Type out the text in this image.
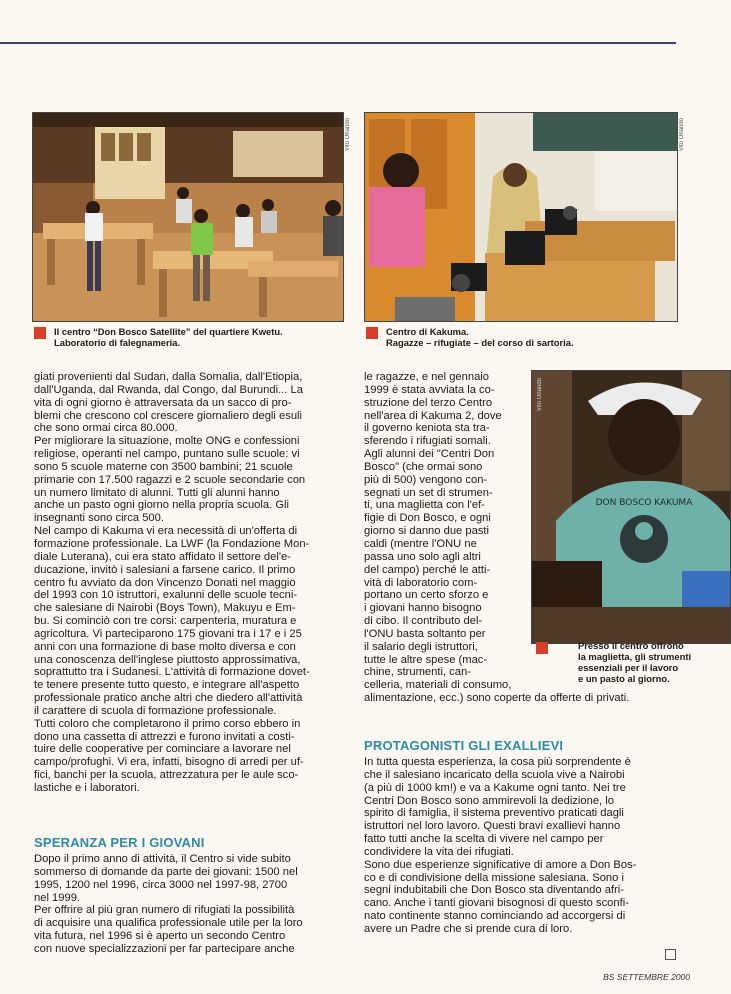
Vito Orlando
Il centro “Don Bosco Satellite” del quartiere Kwetu.
Laboratorio di falegnameria.
Vito Orlando
Centro di Kakuma.
Ragazze – rifugiate – del corso di sartoria.
DON BOSCO KAKUMA
Vito Orlando
Presso il centro offrono
la maglietta, gli strumenti
essenziali per il lavoro
e un pasto al giorno.
giati provenienti dal Sudan, dalla Somalia, dall'Etiopia,
dall'Uganda, dal Rwanda, dal Congo, dal Burundi... La
vita di ogni giorno è attraversata da un sacco di pro-
blemi che crescono col crescere giornaliero degli esuli
che sono ormai circa 80.000.
Per migliorare la situazione, molte ONG e confessioni
religiose, operanti nel campo, puntano sulle scuole: vi
sono 5 scuole materne con 3500 bambini; 21 scuole
primarie con 17.500 ragazzi e 2 scuole secondarie con
un numero limitato di alunni. Tutti gli alunni hanno
anche un pasto ogni giorno nella propria scuola. Gli
insegnanti sono circa 500.
Nel campo di Kakuma vi era necessità di un'offerta di
formazione professionale. La LWF (la Fondazione Mon-
diale Luterana), cui era stato affidato il settore del'e-
ducazione, invitò i salesiani a farsene carico. Il primo
centro fu avviato da don Vincenzo Donati nel maggio
del 1993 con 10 istruttori, exalunni delle scuole tecni-
che salesiane di Nairobi (Boys Town), Makuyu e Em-
bu. Si cominciò con tre corsi: carpenteria, muratura e
agricoltura. Vi parteciparono 175 giovani tra i 17 e i 25
anni con una formazione di base molto diversa e con
una conoscenza dell'inglese piuttosto approssimativa,
soprattutto tra i Sudanesi. L'attività di formazione dovet-
te tenere presente tutto questo, e integrare all'aspetto
professionale pratico anche altri che diedero all'attività
il carattere di scuola di formazione professionale.
Tutti coloro che completarono il primo corso ebbero in
dono una cassetta di attrezzi e furono invitati a costi-
tuire delle cooperative per cominciare a lavorare nel
campo/profughi. Vi era, infatti, bisogno di arredi per uf-
fici, banchi per la scuola, attrezzatura per le aule sco-
lastiche e i laboratori.
SPERANZA PER I GIOVANI
Dopo il primo anno di attività, il Centro si vide subito
sommerso di domande da parte dei giovani: 1500 nel
1995, 1200 nel 1996, circa 3000 nel 1997-98, 2700
nel 1999.
Per offrire al più gran numero di rifugiati la possibilità
di acquisire una qualifica professionale utile per la loro
vita futura, nel 1996 si è aperto un secondo Centro
con nuove specializzazioni per far partecipare anche
le ragazze, e nel gennaio
1999 è stata avviata la co-
struzione del terzo Centro
nell'area di Kakuma 2, dove
il governo keniota sta tra-
sferendo i rifugiati somali.
Agli alunni dei "Centri Don
Bosco" (che ormai sono
più di 500) vengono con-
segnati un set di strumen-
ti, una maglietta con l'ef-
figie di Don Bosco, e ogni
giorno si danno due pasti
caldi (mentre l'ONU ne
passa uno solo agli altri
del campo) perché le atti-
vità di laboratorio com-
portano un certo sforzo e
i giovani hanno bisogno
di cibo. Il contributo del-
l'ONU basta soltanto per
il salario degli istruttori,
tutte le altre spese (mac-
chine, strumenti, can-
celleria, materiali di consumo,
alimentazione, ecc.) sono coperte da offerte di privati.
PROTAGONISTI GLI EXALLIEVI
In tutta questa esperienza, la cosa più sorprendente è
che il salesiano incaricato della scuola vive a Nairobi
(a più di 1000 km!) e va a Kakume ogni tanto. Nei tre
Centri Don Bosco sono ammirevoli la dedizione, lo
spirito di famiglia, il sistema preventivo praticati dagli
istruttori nel loro lavoro. Questi bravi exallievi hanno
fatto tutti anche la scelta di vivere nel campo per
condividere la vita dei rifugiati.
Sono due esperienze significative di amore a Don Bos-
co e di condivisione della missione salesiana. Sono i
segni indubitabili che Don Bosco sta diventando afri-
cano. Anche i tanti giovani bisognosi di questo sconfi-
nato continente stanno cominciando ad accorgersi di
avere un Padre che si prende cura di loro.
BS SETTEMBRE 2000
